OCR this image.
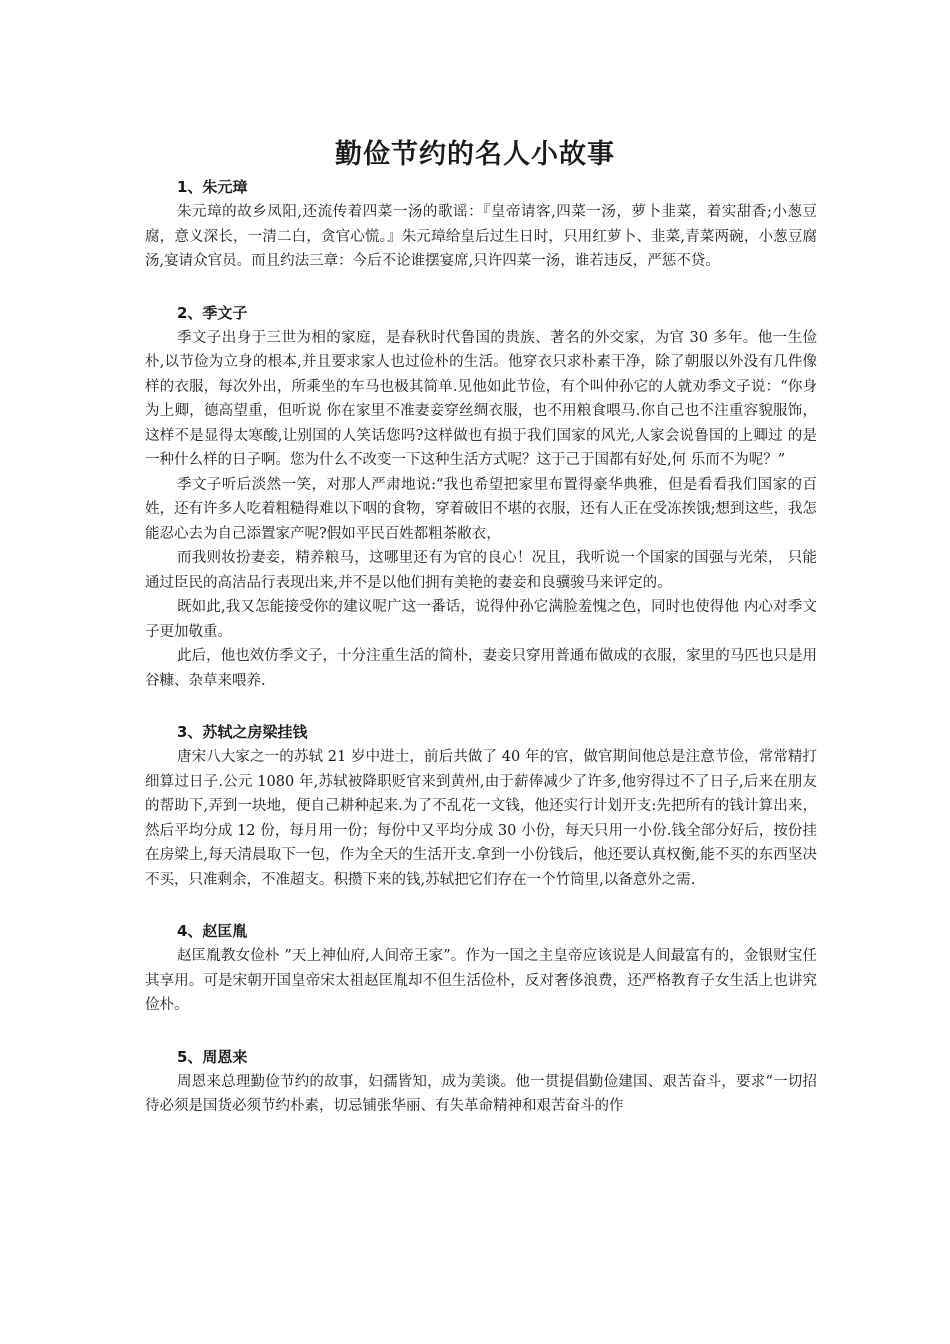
勤俭节约的名人小故事

1、朱元璋

朱元璋的故乡凤阳,还流传着四菜一汤的歌谣：『皇帝请客,四菜一汤，萝卜韭菜，着实甜香;小葱豆腐，意义深长，一清二白，贪官心慌。』朱元璋给皇后过生日时，只用红萝卜、韭菜,青菜两碗，小葱豆腐汤,宴请众官员。而且约法三章：今后不论谁摆宴席,只许四菜一汤，谁若违反，严惩不贷。

2、季文子

季文子出身于三世为相的家庭，是春秋时代鲁国的贵族、著名的外交家，为官 30 多年。他一生俭朴,以节俭为立身的根本,并且要求家人也过俭朴的生活。他穿衣只求朴素干净，除了朝服以外没有几件像样的衣服，每次外出，所乘坐的车马也极其简单.见他如此节俭，有个叫仲孙它的人就劝季文子说：“你身为上卿，德高望重，但听说 你在家里不准妻妾穿丝绸衣服，也不用粮食喂马.你自己也不注重容貌服饰，这样不是显得太寒酸,让别国的人笑话您吗?这样做也有损于我们国家的风光,人家会说鲁国的上卿过 的是一种什么样的日子啊。您为什么不改变一下这种生活方式呢？这于己于国都有好处,何 乐而不为呢？”

季文子听后淡然一笑，对那人严肃地说:“我也希望把家里布置得豪华典雅，但是看看我们国家的百姓，还有许多人吃着粗糙得难以下咽的食物，穿着破旧不堪的衣服，还有人正在受冻挨饿;想到这些，我怎能忍心去为自己添置家产呢?假如平民百姓都粗茶敝衣，

而我则妆扮妻妾，精养粮马，这哪里还有为官的良心！况且，我听说一个国家的国强与光荣， 只能通过臣民的高洁品行表现出来,并不是以他们拥有美艳的妻妾和良骥骏马来评定的。

既如此,我又怎能接受你的建议呢广这一番话，说得仲孙它满脸羞愧之色，同时也使得他 内心对季文子更加敬重。

此后，他也效仿季文子，十分注重生活的简朴，妻妾只穿用普通布做成的衣服，家里的马匹也只是用谷糠、杂草来喂养.

3、苏轼之房梁挂钱

唐宋八大家之一的苏轼 21 岁中进士，前后共做了 40 年的官，做官期间他总是注意节俭，常常精打细算过日子.公元 1080 年,苏轼被降职贬官来到黄州,由于薪俸减少了许多,他穷得过不了日子,后来在朋友的帮助下,弄到一块地，便自己耕种起来.为了不乱花一文钱，他还实行计划开支:先把所有的钱计算出来，然后平均分成 12 份，每月用一份；每份中又平均分成 30 小份，每天只用一小份.钱全部分好后，按份挂在房梁上,每天清晨取下一包，作为全天的生活开支.拿到一小份钱后，他还要认真权衡,能不买的东西坚决不买，只准剩余，不准超支。积攒下来的钱,苏轼把它们存在一个竹筒里,以备意外之需.

4、赵匡胤

赵匡胤教女俭朴 ”天上神仙府,人间帝王家”。作为一国之主皇帝应该说是人间最富有的，金银财宝任其享用。可是宋朝开国皇帝宋太祖赵匡胤却不但生活俭朴，反对奢侈浪费，还严格教育子女生活上也讲究俭朴。

5、周恩来

周恩来总理勤俭节约的故事，妇孺皆知，成为美谈。他一贯提倡勤俭建国、艰苦奋斗，要求“一切招待必须是国货必须节约朴素，切忌铺张华丽、有失革命精神和艰苦奋斗的作
